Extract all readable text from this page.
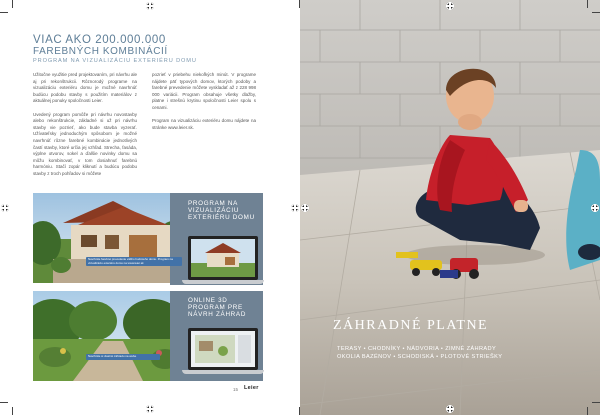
VIAC AKO 200.000.000
FAREBNÝCH KOMBINÁCIÍ
PROGRAM NA VIZUALIZÁCIU EXTERIÉRU DOMU

Užitočne využitie pred projektovaním, pri návrhu ale aj pri rekonštrukcii. Rôznorodý programe na vizualizáciu exteriéru domu je možné navrhnúť budúcu podobu stavby s použitím materiálov z aktuálnej ponuky spoločnosti Leier.

Uvedený program pomôže pri návrhu novostavby alebo rekonštrukcie, základné si už pri návrhu stavby vie pozrieť, ako bude stavba vyzerať. Užívateľsky jednoduchým spôsobom je možné navrhnúť rôzne farebné kombinácie jednotlivých častí stavby, ktoré určia jej vzhľad. Strecha, fasáda, výplne otvorov, sokel a ďalšie novinky domu sa môžu kombinovať, v tom dosiahnuť farebnú harmóniu. Stačí zopár kliknutí a budúcu podobu stavby z troch pohľadov si môžete

pozrieť v priebehu niekoľkých minút. V programe nájdete päť typových domov, ktorých podoby a farebné prevedenie môžete vyskladať až z 228 998 000 variácii. Program obsahuje všetky dlažby, platne i strešnú krytinu spoločnosti Leier spolu s cenami.

Program na vizualizáciu exteriéru domu nájdete na stránke www.leier.sk.

PROGRAM NA
VIZUALIZÁCIU
EXTERIÉRU DOMU
Navrhnite farebné prevedenie vášho budúceho domu. Program na vizualizáciu exteriéru domu na www.leier.sk
ONLINE 3D
PROGRAM PRE
NÁVRH ZÁHRAD
Navrhnite si vlastnú záhradu na webe
15 Leier
ZÁHRADNÉ PLATNE
TERASY • CHODNÍKY • NÁDVORIA • ZIMNÉ ZÁHRADY
OKOLIA BAZÉNOV • SCHODISKÁ • PLOTOVÉ STRIEŠKY
